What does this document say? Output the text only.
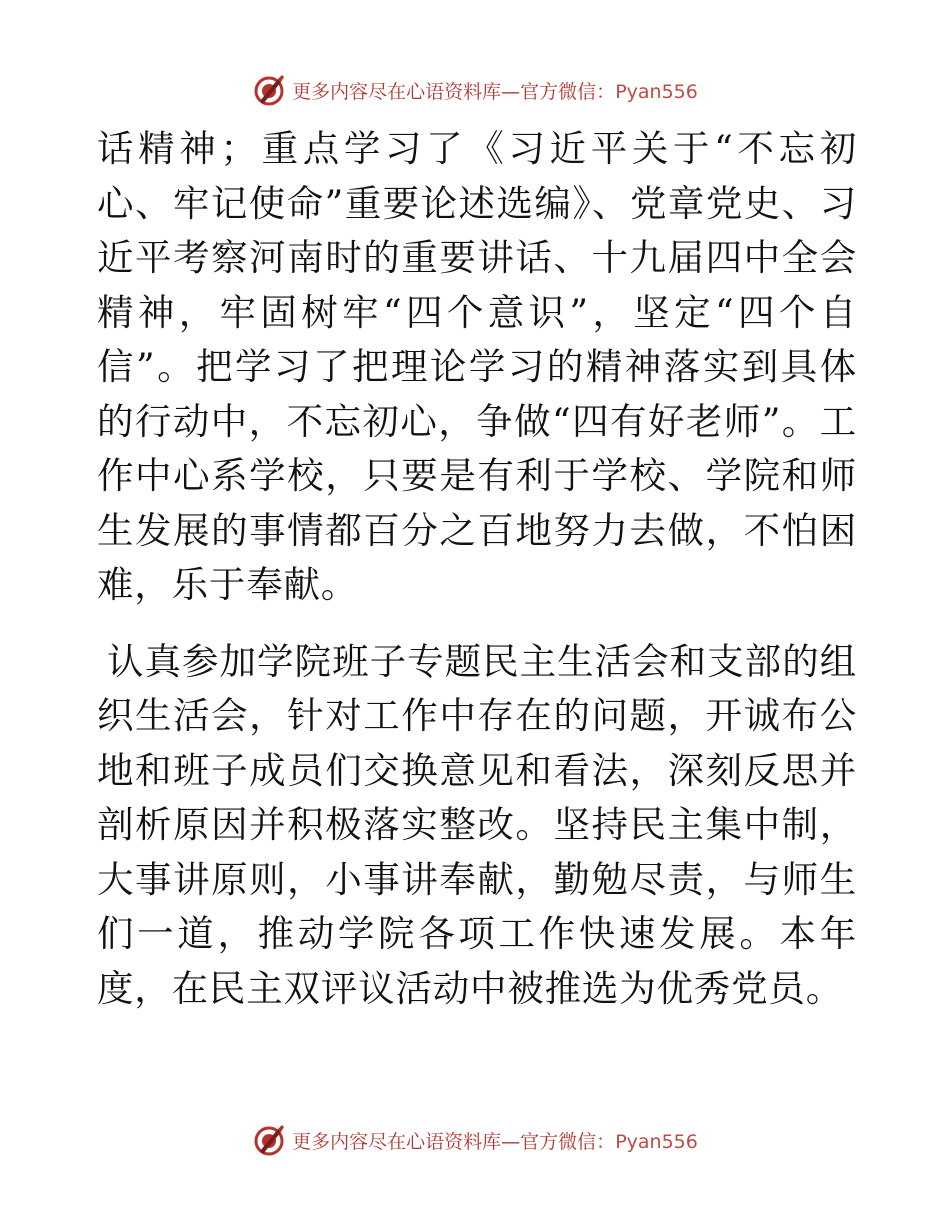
更多内容尽在心语资料库—官方微信：Pyan556

话精神；重点学习了《习近平关于“不忘初心、牢记使命”重要论述选编》、党章党史、习近平考察河南时的重要讲话、十九届四中全会精神，牢固树牢“四个意识”，坚定“四个自信”。把学习了把理论学习的精神落实到具体的行动中，不忘初心，争做“四有好老师”。工作中心系学校，只要是有利于学校、学院和师生发展的事情都百分之百地努力去做，不怕困难，乐于奉献。

认真参加学院班子专题民主生活会和支部的组织生活会，针对工作中存在的问题，开诚布公地和班子成员们交换意见和看法，深刻反思并剖析原因并积极落实整改。坚持民主集中制，大事讲原则，小事讲奉献，勤勉尽责，与师生们一道，推动学院各项工作快速发展。本年度，在民主双评议活动中被推选为优秀党员。

更多内容尽在心语资料库—官方微信：Pyan556
